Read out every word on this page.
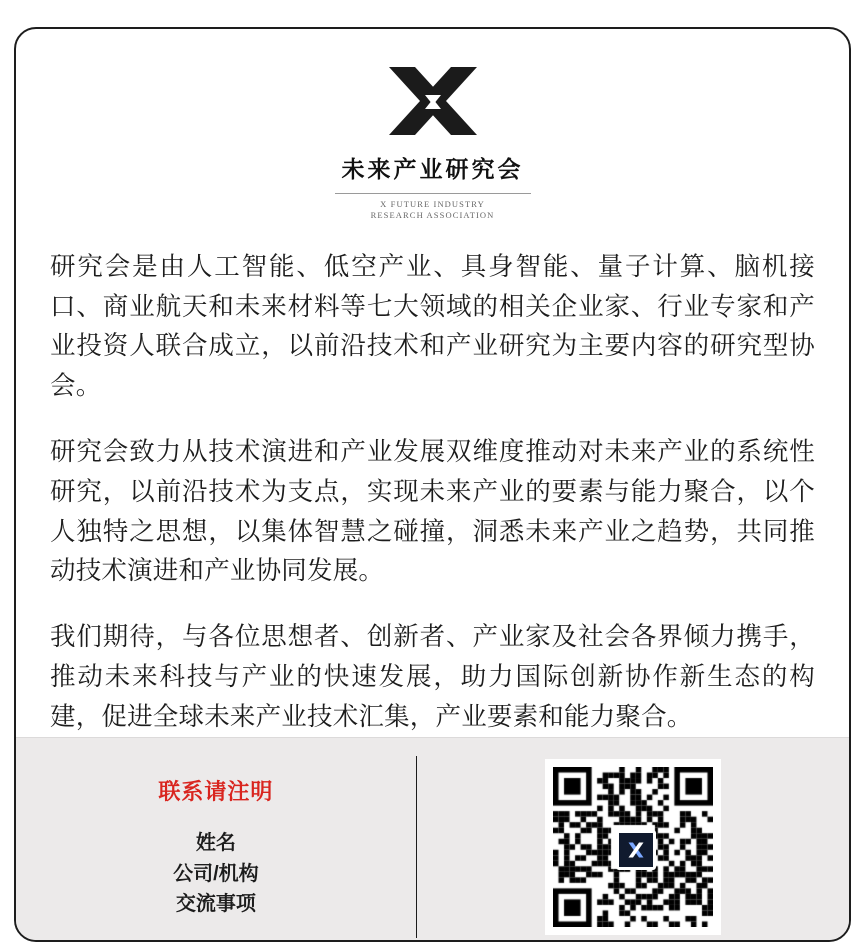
未来产业研究会
X FUTURE INDUSTRY
RESEARCH ASSOCIATION

研究会是由人工智能、低空产业、具身智能、量子计算、脑机接口、商业航天和未来材料等七大领域的相关企业家、行业专家和产业投资人联合成立，以前沿技术和产业研究为主要内容的研究型协会。

研究会致力从技术演进和产业发展双维度推动对未来产业的系统性研究，以前沿技术为支点，实现未来产业的要素与能力聚合，以个人独特之思想，以集体智慧之碰撞，洞悉未来产业之趋势，共同推动技术演进和产业协同发展。

我们期待，与各位思想者、创新者、产业家及社会各界倾力携手，推动未来科技与产业的快速发展，助力国际创新协作新生态的构建，促进全球未来产业技术汇集，产业要素和能力聚合。

联系请注明
姓名
公司/机构
交流事项
